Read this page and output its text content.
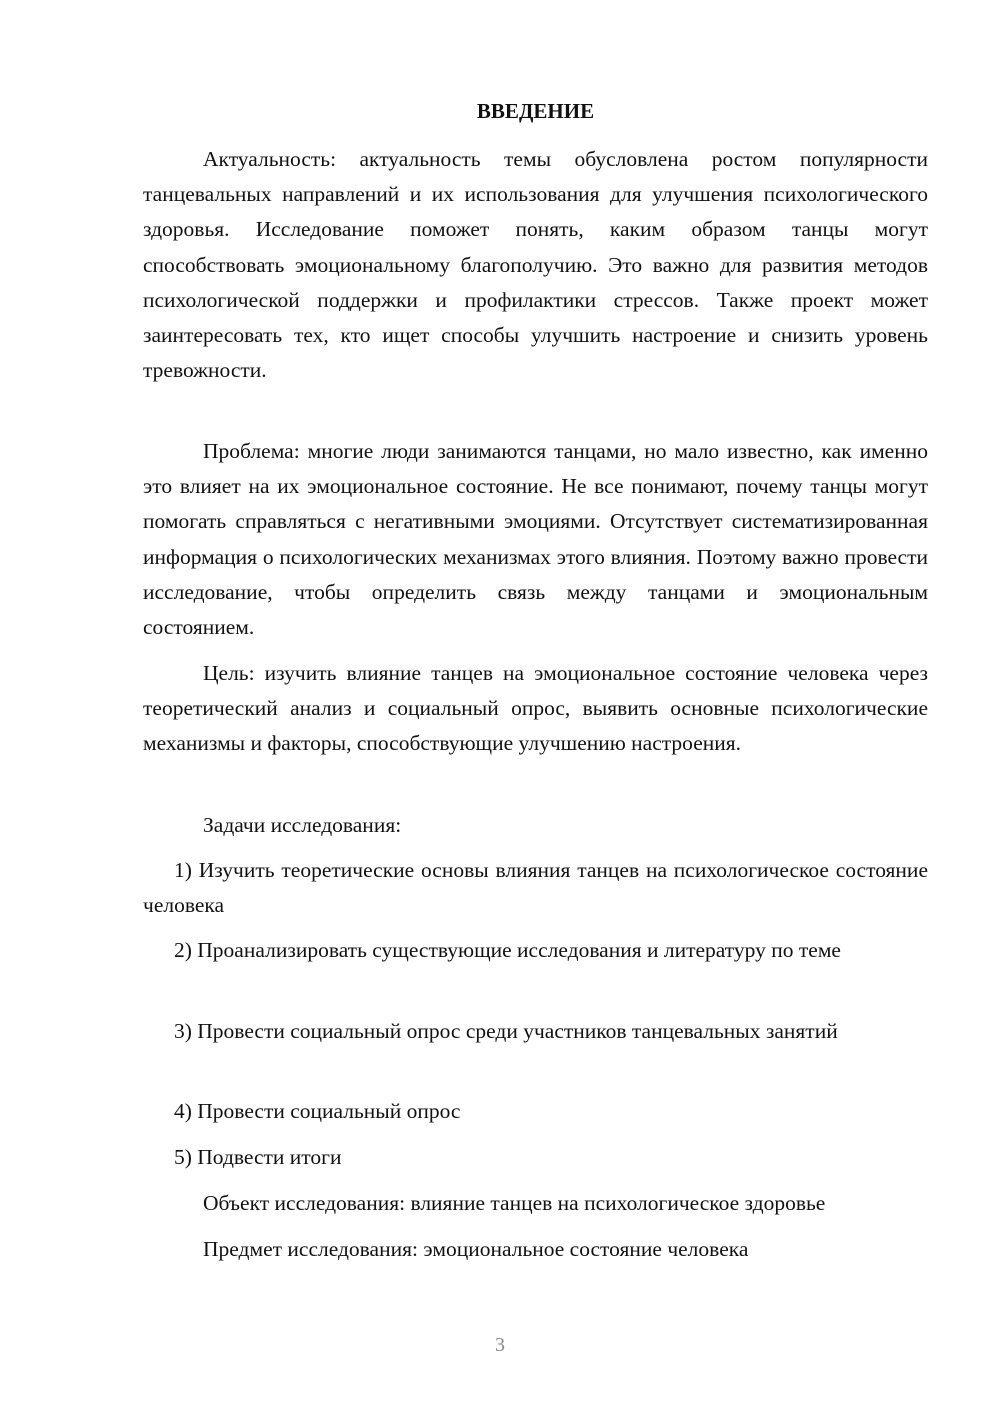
ВВЕДЕНИЕ

Актуальность: актуальность темы обусловлена ростом популярности танцевальных направлений и их использования для улучшения психологического здоровья. Исследование поможет понять, каким образом танцы могут способствовать эмоциональному благополучию. Это важно для развития методов психологической поддержки и профилактики стрессов. Также проект может заинтересовать тех, кто ищет способы улучшить настроение и снизить уровень тревожности.

Проблема: многие люди занимаются танцами, но мало известно, как именно это влияет на их эмоциональное состояние. Не все понимают, почему танцы могут помогать справляться с негативными эмоциями. Отсутствует систематизированная информация о психологических механизмах этого влияния. Поэтому важно провести исследование, чтобы определить связь между танцами и эмоциональным состоянием.

Цель: изучить влияние танцев на эмоциональное состояние человека через теоретический анализ и социальный опрос, выявить основные психологические механизмы и факторы, способствующие улучшению настроения.

Задачи исследования:

1) Изучить теоретические основы влияния танцев на психологическое состояние человека

2) Проанализировать существующие исследования и литературу по теме

3) Провести социальный опрос среди участников танцевальных занятий

4) Провести социальный опрос

5) Подвести итоги

Объект исследования: влияние танцев на психологическое здоровье

Предмет исследования: эмоциональное состояние человека

3
